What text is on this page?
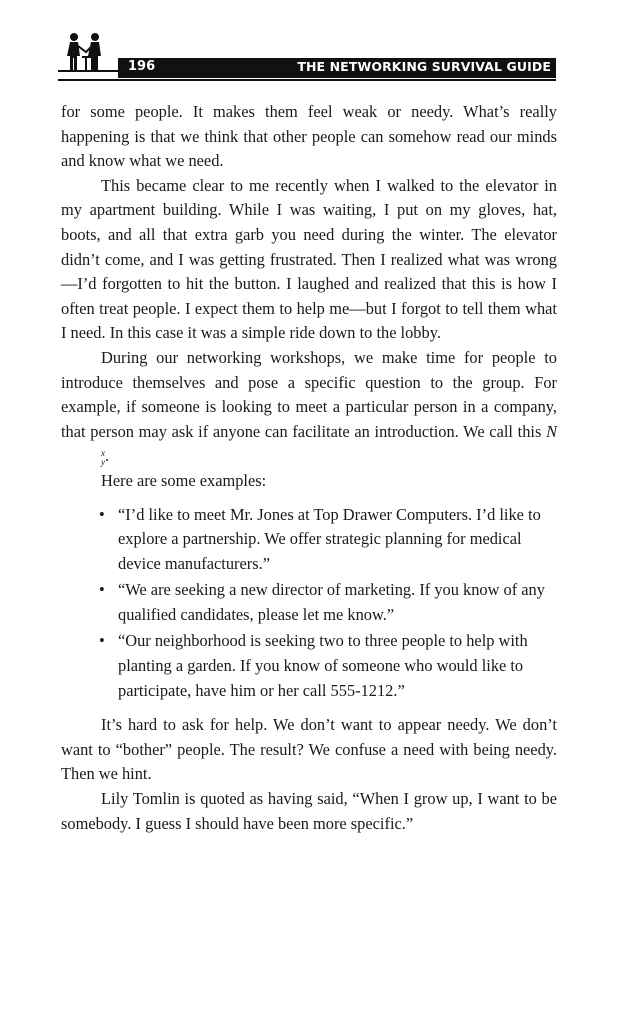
196	THE NETWORKING SURVIVAL GUIDE

for some people. It makes them feel weak or needy. What’s really happening is that we think that other people can somehow read our minds and know what we need.

This became clear to me recently when I walked to the elevator in my apartment building. While I was waiting, I put on my gloves, hat, boots, and all that extra garb you need during the winter. The elevator didn’t come, and I was getting frustrated. Then I realized what was wrong—I’d forgotten to hit the button. I laughed and realized that this is how I often treat people. I expect them to help me—but I forgot to tell them what I need. In this case it was a simple ride down to the lobby.

During our networking workshops, we make time for people to introduce themselves and pose a specific question to the group. For example, if someone is looking to meet a particular person in a company, that person may ask if anyone can facilitate an introduction. We call this N
x
y .

Here are some examples:

• “I’d like to meet Mr. Jones at Top Drawer Computers. I’d like to explore a partnership. We offer strategic planning for medical device manufacturers.”
• “We are seeking a new director of marketing. If you know of any qualified candidates, please let me know.”
• “Our neighborhood is seeking two to three people to help with planting a garden. If you know of someone who would like to participate, have him or her call 555-1212.”

It’s hard to ask for help. We don’t want to appear needy. We don’t want to “bother” people. The result? We confuse a need with being needy. Then we hint.

Lily Tomlin is quoted as having said, “When I grow up, I want to be somebody. I guess I should have been more specific.”
